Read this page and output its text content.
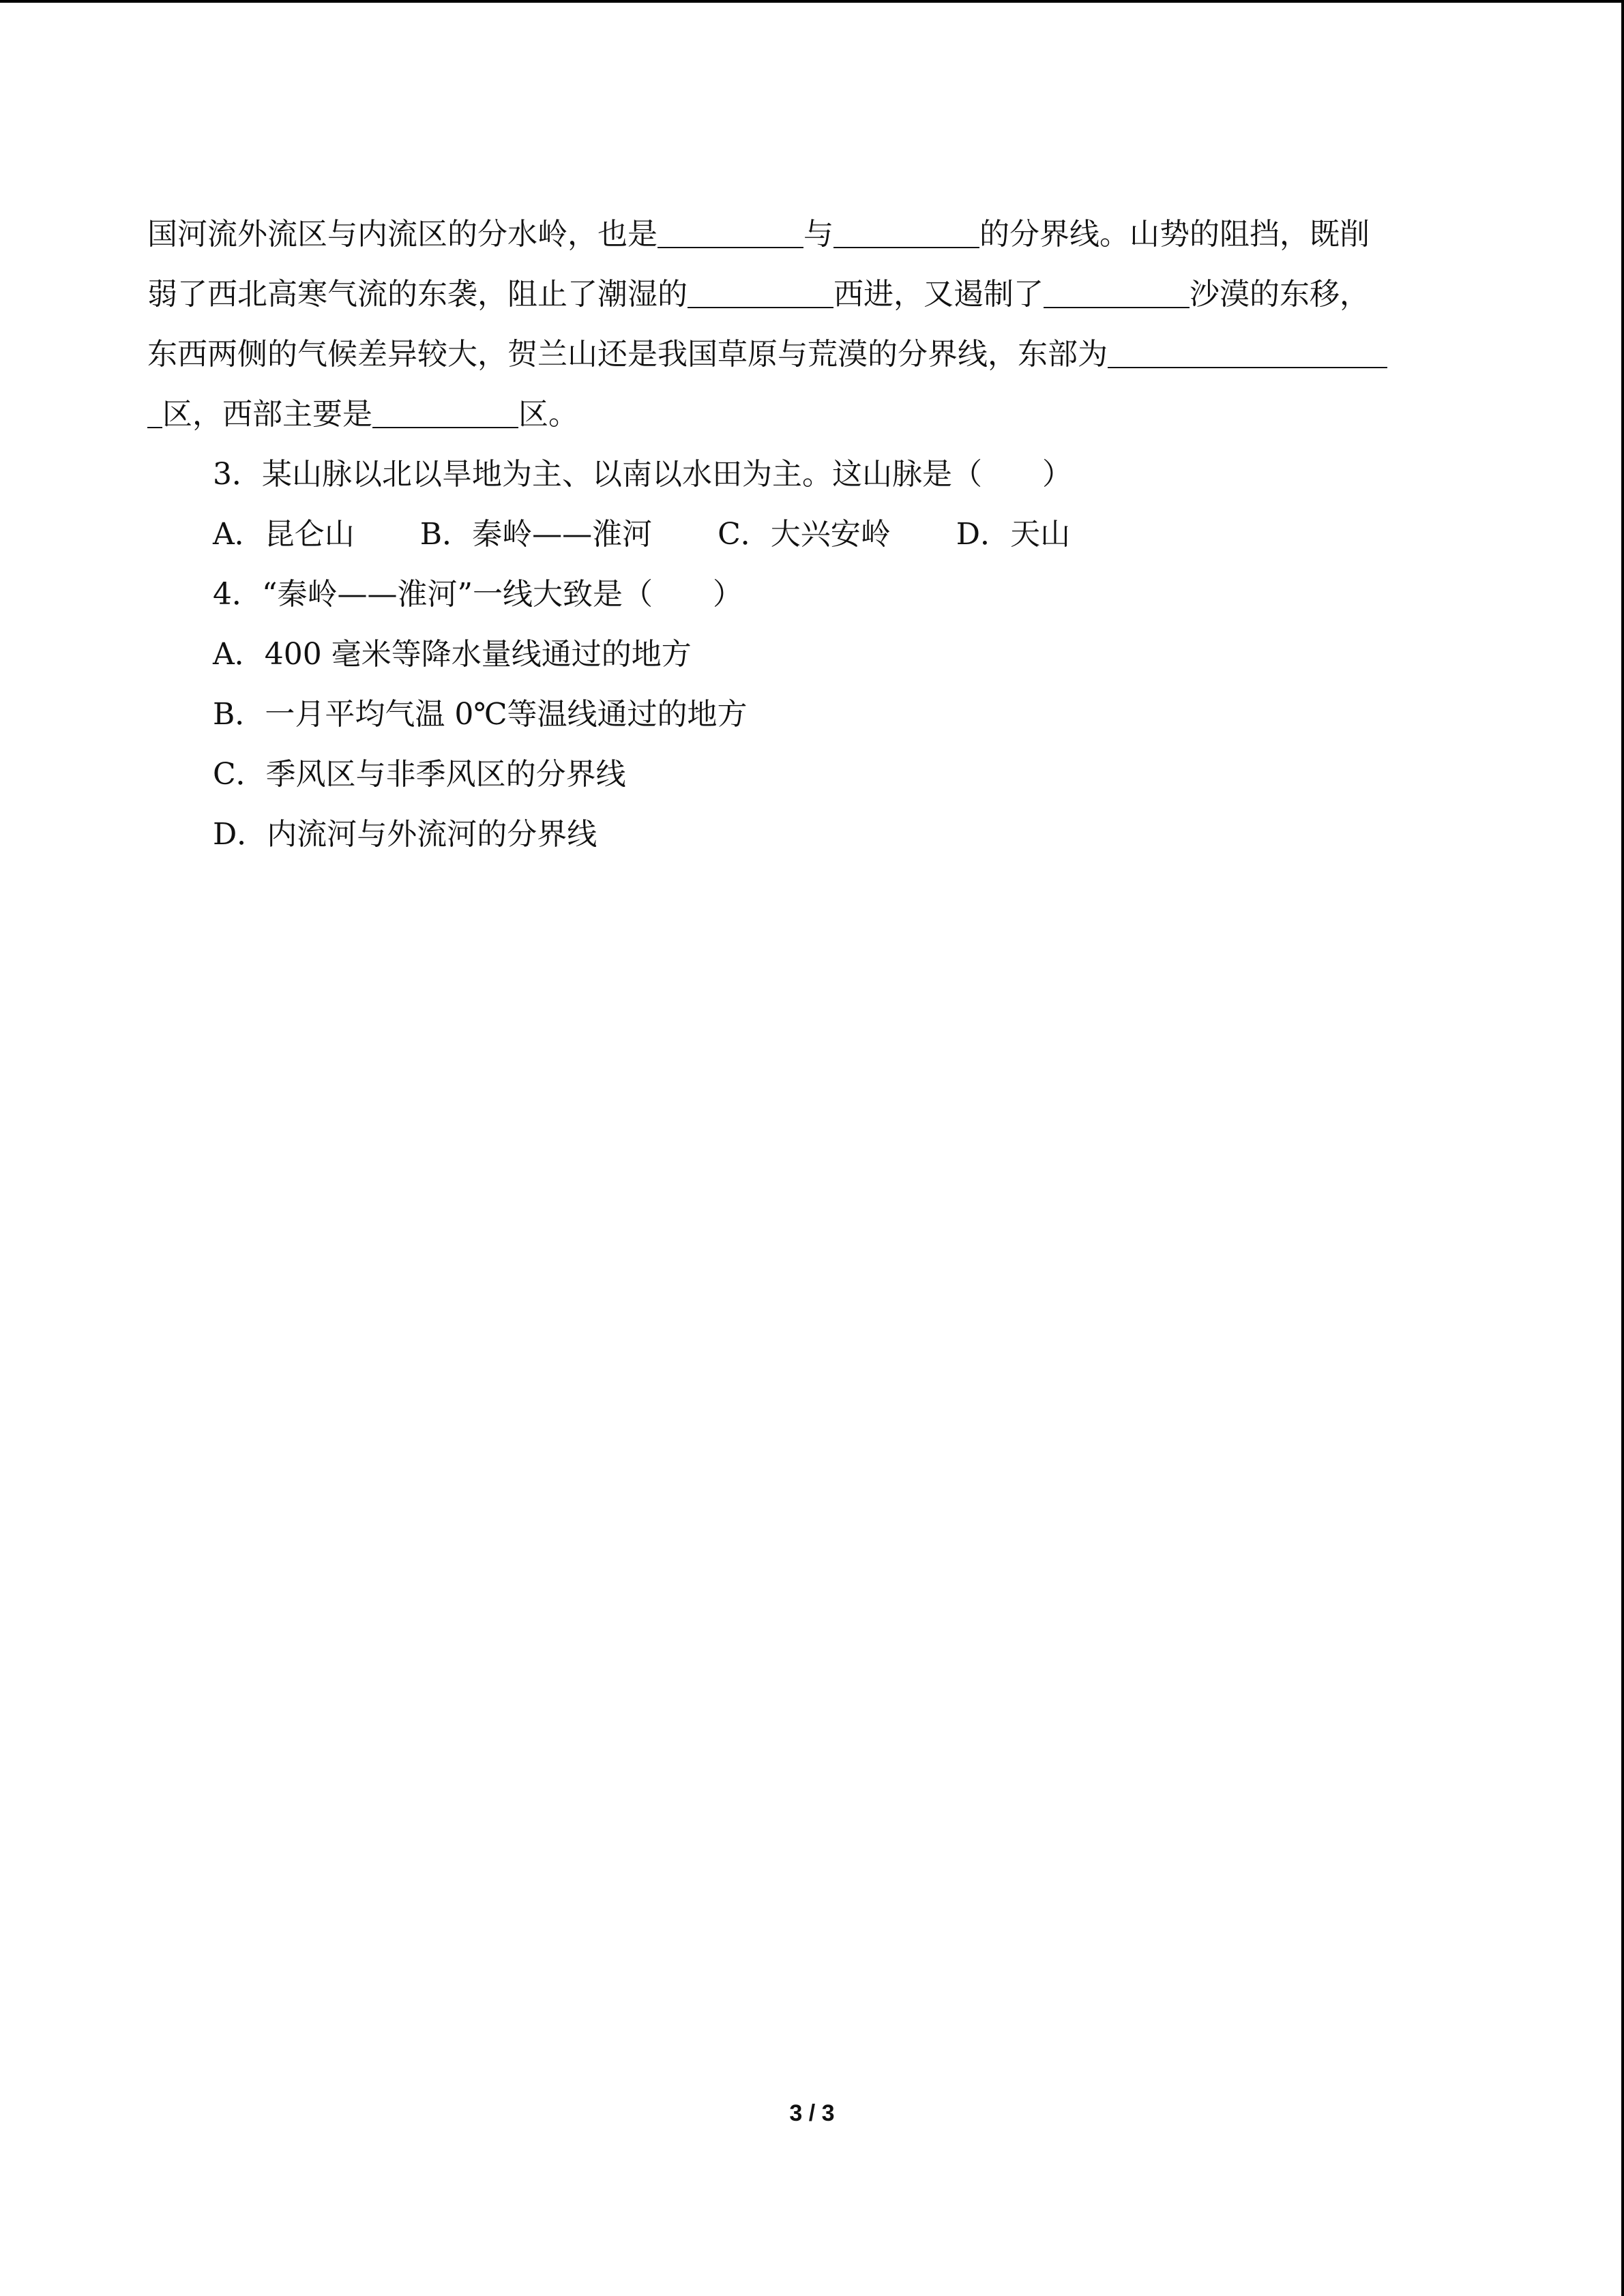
国河流外流区与内流区的分水岭，也是	与	的分界线。山势的阻挡，既削
弱了西北高寒气流的东袭，阻止了潮湿的	西进，又遏制了	沙漠的东移，
东西两侧的气候差异较大，贺兰山还是我国草原与荒漠的分界线，东部为
区，西部主要是	区。
3．某山脉以北以旱地为主、以南以水田为主。这山脉是（　　）
A．昆仑山 B．秦岭——淮河 C．大兴安岭 D．天山
4．“秦岭——淮河”一线大致是（　　）
A．400 毫米等降水量线通过的地方
B．一月平均气温 0℃等温线通过的地方
C．季风区与非季风区的分界线
D．内流河与外流河的分界线
3 / 3
